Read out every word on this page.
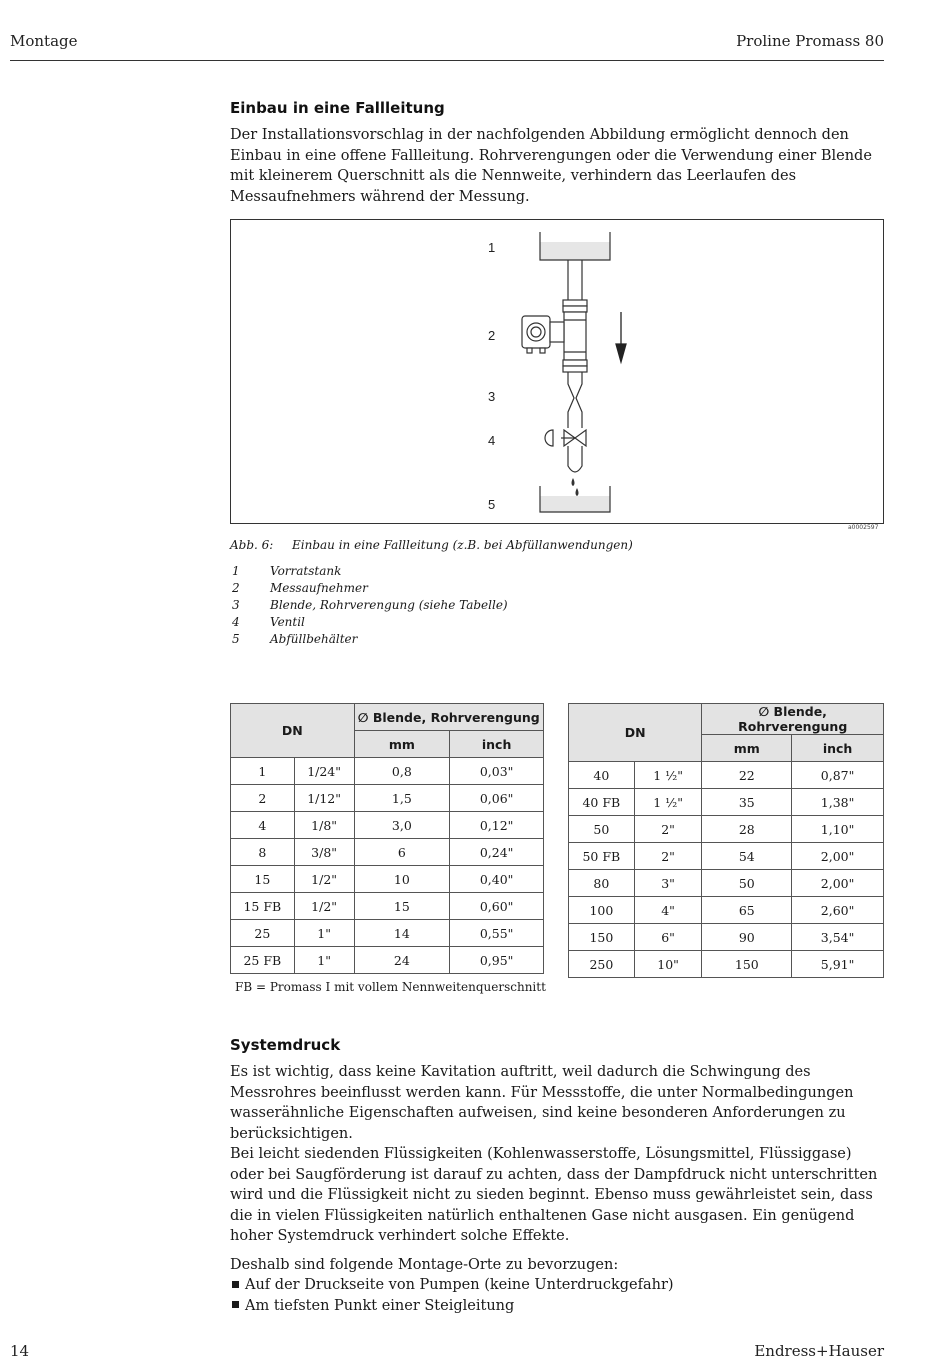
Montage	Proline Promass 80
Einbau in eine Fallleitung

Der Installationsvorschlag in der nachfolgenden Abbildung ermöglicht dennoch den Einbau in eine offene Fallleitung. Rohrverengungen oder die Verwendung einer Blende mit kleinerem Querschnitt als die Nennweite, verhindern das Leerlaufen des Messaufnehmers während der Messung.

1
2
3
4
5
a0002597
Abb. 6: Einbau in eine Fallleitung (z.B. bei Abfüllanwendungen)
1	Vorratstank
2	Messaufnehmer
3	Blende, Rohrverengung (siehe Tabelle)
4	Ventil
5	Abfüllbehälter
DN		∅ Blende, Rohrverengung	
		mm	inch
1	1/24"	0,8	0,03"
2	1/12"	1,5	0,06"
4	1/8"	3,0	0,12"
8	3/8"	6	0,24"
15	1/2"	10	0,40"
15 FB	1/2"	15	0,60"
25	1"	14	0,55"
25 FB	1"	24	0,95"
DN		∅ Blende, Rohrverengung	
		mm	inch
40	1 ½"	22	0,87"
40 FB	1 ½"	35	1,38"
50	2"	28	1,10"
50 FB	2"	54	2,00"
80	3"	50	2,00"
100	4"	65	2,60"
150	6"	90	3,54"
250	10"	150	5,91"
FB = Promass I mit vollem Nennweitenquerschnitt
Systemdruck

Es ist wichtig, dass keine Kavitation auftritt, weil dadurch die Schwingung des Messrohres beeinflusst werden kann. Für Messstoffe, die unter Normalbedingungen wasserähnliche Eigenschaften aufweisen, sind keine besonderen Anforderungen zu berücksichtigen.

Bei leicht siedenden Flüssigkeiten (Kohlenwasserstoffe, Lösungsmittel, Flüssiggase) oder bei Saugförderung ist darauf zu achten, dass der Dampfdruck nicht unterschritten wird und die Flüssigkeit nicht zu sieden beginnt. Ebenso muss gewährleistet sein, dass die in vielen Flüssigkeiten natürlich enthaltenen Gase nicht ausgasen. Ein genügend hoher Systemdruck verhindert solche Effekte.

Deshalb sind folgende Montage-Orte zu bevorzugen:

Auf der Druckseite von Pumpen (keine Unterdruckgefahr)
Am tiefsten Punkt einer Steigleitung
14	Endress+Hauser
